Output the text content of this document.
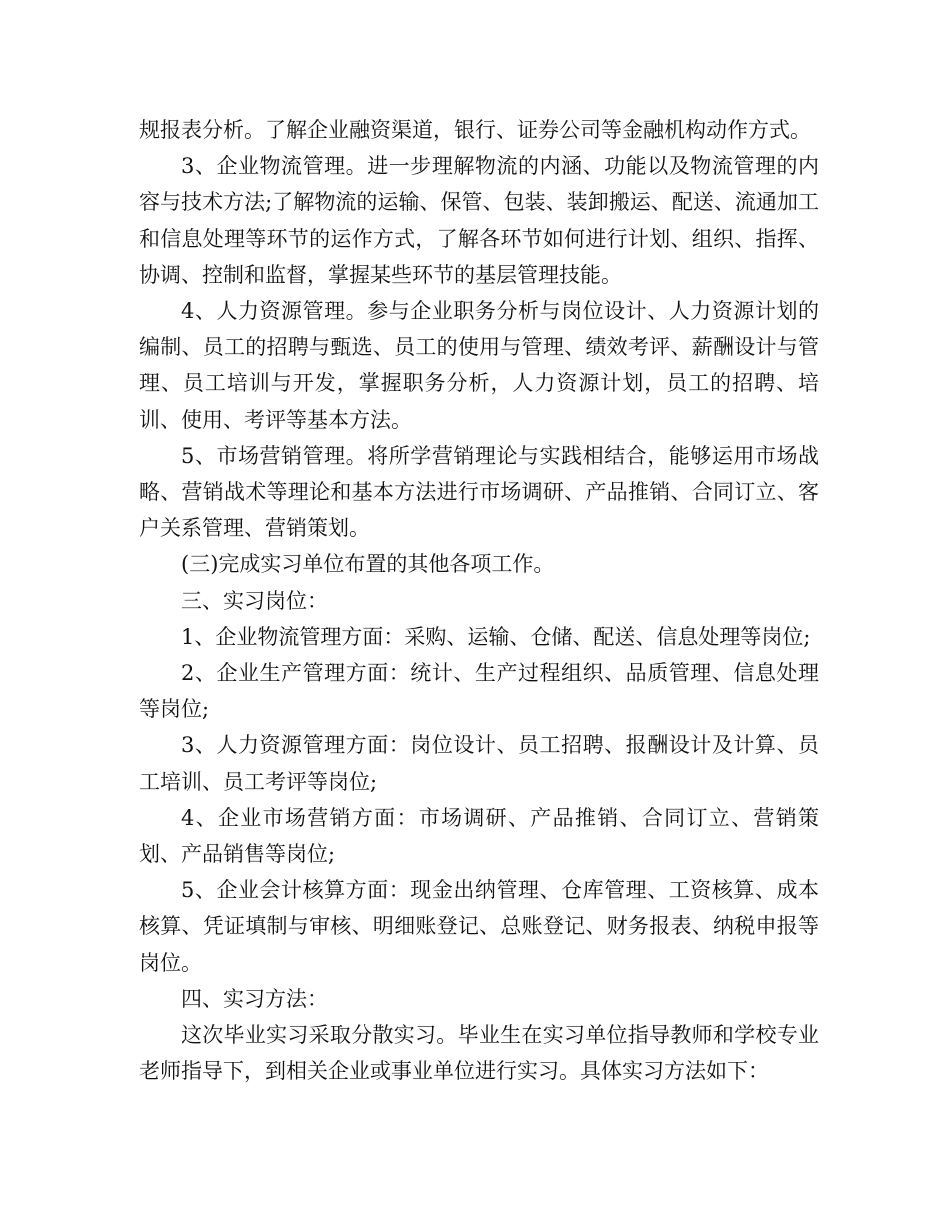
规报表分析。了解企业融资渠道，银行、证券公司等金融机构动作方式。

3、企业物流管理。进一步理解物流的内涵、功能以及物流管理的内容与技术方法;了解物流的运输、保管、包装、装卸搬运、配送、流通加工和信息处理等环节的运作方式，了解各环节如何进行计划、组织、指挥、协调、控制和监督，掌握某些环节的基层管理技能。

4、人力资源管理。参与企业职务分析与岗位设计、人力资源计划的编制、员工的招聘与甄选、员工的使用与管理、绩效考评、薪酬设计与管理、员工培训与开发，掌握职务分析，人力资源计划，员工的招聘、培训、使用、考评等基本方法。

5、市场营销管理。将所学营销理论与实践相结合，能够运用市场战略、营销战术等理论和基本方法进行市场调研、产品推销、合同订立、客户关系管理、营销策划。

(三)完成实习单位布置的其他各项工作。

三、实习岗位：

1、企业物流管理方面：采购、运输、仓储、配送、信息处理等岗位;

2、企业生产管理方面：统计、生产过程组织、品质管理、信息处理等岗位;

3、人力资源管理方面：岗位设计、员工招聘、报酬设计及计算、员工培训、员工考评等岗位;

4、企业市场营销方面：市场调研、产品推销、合同订立、营销策划、产品销售等岗位;

5、企业会计核算方面：现金出纳管理、仓库管理、工资核算、成本核算、凭证填制与审核、明细账登记、总账登记、财务报表、纳税申报等岗位。

四、实习方法：

这次毕业实习采取分散实习。毕业生在实习单位指导教师和学校专业老师指导下，到相关企业或事业单位进行实习。具体实习方法如下：
